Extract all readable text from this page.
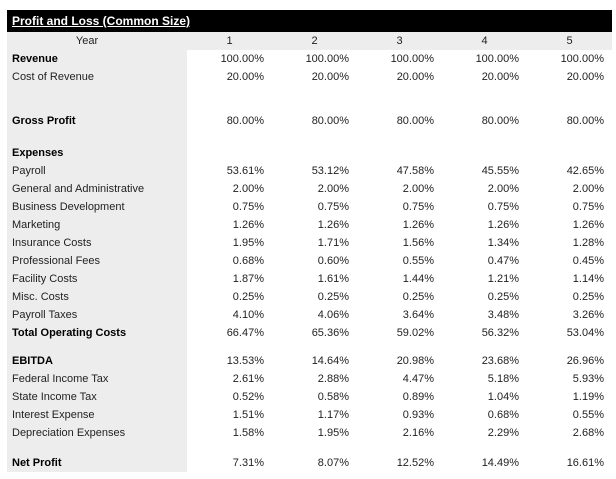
Profit and Loss (Common Size)
Year	1	2	3	4	5
Revenue	100.00%	100.00%	100.00%	100.00%	100.00%
Cost of Revenue	20.00%	20.00%	20.00%	20.00%	20.00%
Gross Profit	80.00%	80.00%	80.00%	80.00%	80.00%
Expenses
Payroll	53.61%	53.12%	47.58%	45.55%	42.65%
General and Administrative	2.00%	2.00%	2.00%	2.00%	2.00%
Business Development	0.75%	0.75%	0.75%	0.75%	0.75%
Marketing	1.26%	1.26%	1.26%	1.26%	1.26%
Insurance Costs	1.95%	1.71%	1.56%	1.34%	1.28%
Professional Fees	0.68%	0.60%	0.55%	0.47%	0.45%
Facility Costs	1.87%	1.61%	1.44%	1.21%	1.14%
Misc. Costs	0.25%	0.25%	0.25%	0.25%	0.25%
Payroll Taxes	4.10%	4.06%	3.64%	3.48%	3.26%
Total Operating Costs	66.47%	65.36%	59.02%	56.32%	53.04%
EBITDA	13.53%	14.64%	20.98%	23.68%	26.96%
Federal Income Tax	2.61%	2.88%	4.47%	5.18%	5.93%
State Income Tax	0.52%	0.58%	0.89%	1.04%	1.19%
Interest Expense	1.51%	1.17%	0.93%	0.68%	0.55%
Depreciation Expenses	1.58%	1.95%	2.16%	2.29%	2.68%
Net Profit	7.31%	8.07%	12.52%	14.49%	16.61%
